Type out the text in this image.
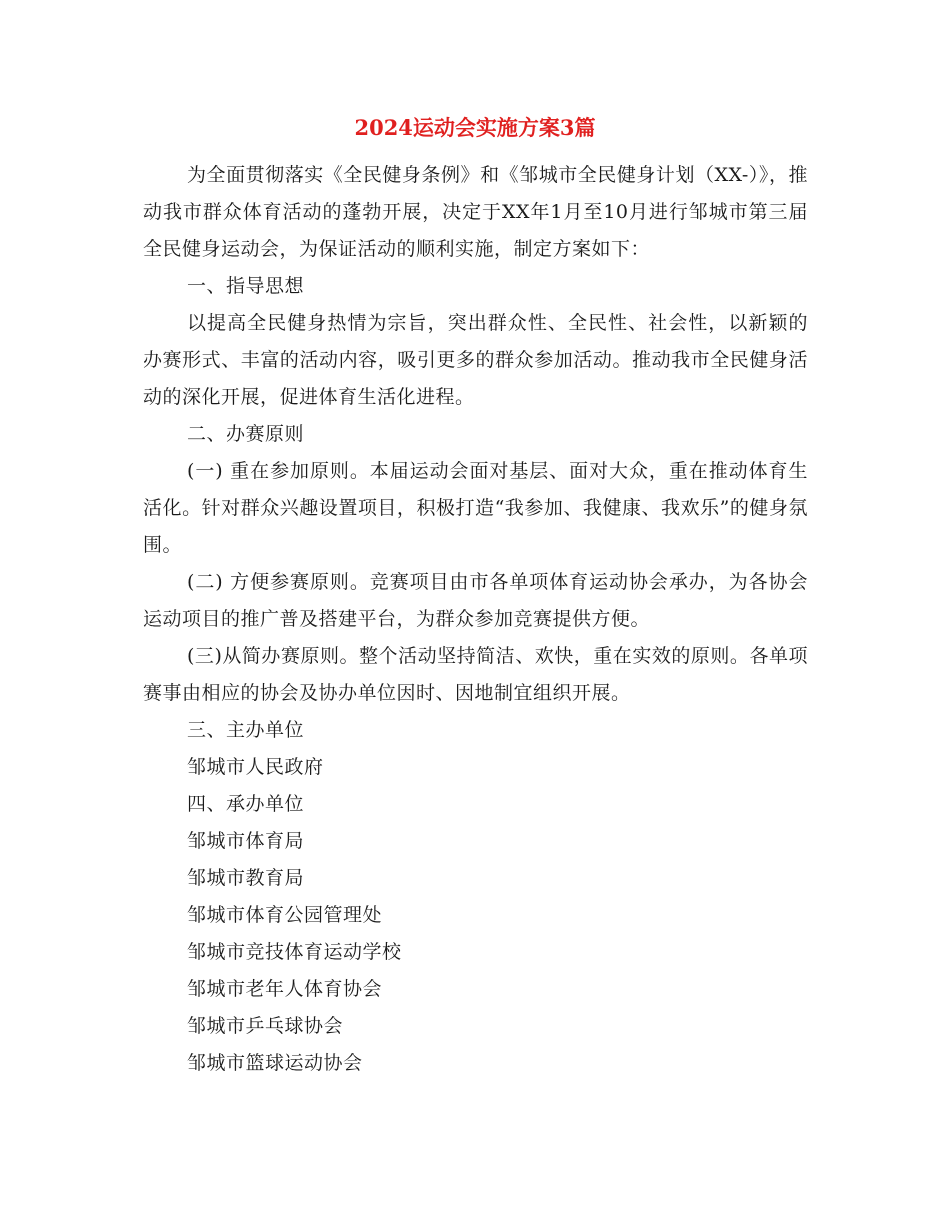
2024运动会实施方案3篇

为全面贯彻落实《全民健身条例》和《邹城市全民健身计划（XX-）》，推动我市群众体育活动的蓬勃开展，决定于XX年1月至10月进行邹城市第三届全民健身运动会，为保证活动的顺利实施，制定方案如下：

一、指导思想

以提高全民健身热情为宗旨，突出群众性、全民性、社会性，以新颖的办赛形式、丰富的活动内容，吸引更多的群众参加活动。推动我市全民健身活动的深化开展，促进体育生活化进程。

二、办赛原则

(一) 重在参加原则。本届运动会面对基层、面对大众，重在推动体育生活化。针对群众兴趣设置项目，积极打造“我参加、我健康、我欢乐”的健身氛围。

(二) 方便参赛原则。竞赛项目由市各单项体育运动协会承办，为各协会运动项目的推广普及搭建平台，为群众参加竞赛提供方便。

(三)从简办赛原则。整个活动坚持简洁、欢快，重在实效的原则。各单项赛事由相应的协会及协办单位因时、因地制宜组织开展。

三、主办单位

邹城市人民政府

四、承办单位

邹城市体育局

邹城市教育局

邹城市体育公园管理处

邹城市竞技体育运动学校

邹城市老年人体育协会

邹城市乒乓球协会

邹城市篮球运动协会
